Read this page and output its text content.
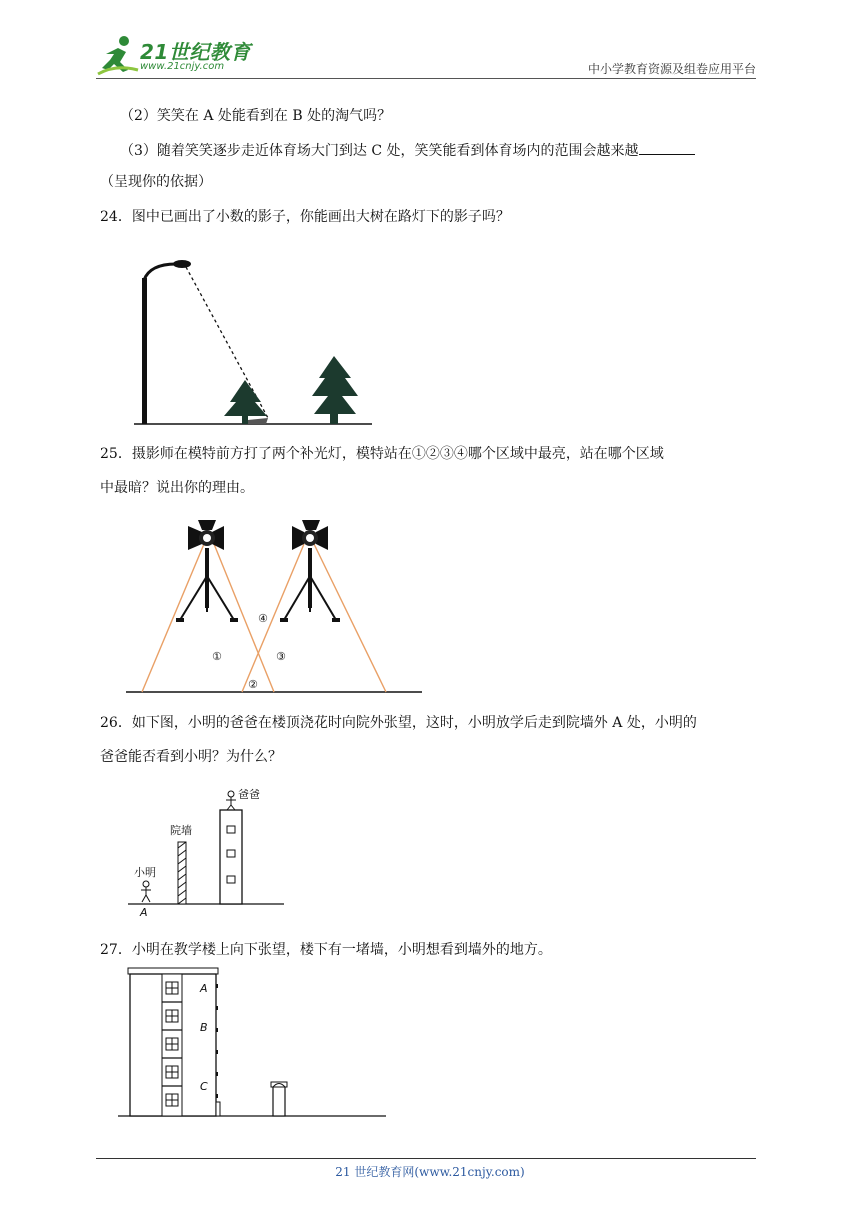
21世纪教育
www.21cnjy.com	中小学教育资源及组卷应用平台
（2）笑笑在 A 处能看到在 B 处的淘气吗？
（3）随着笑笑逐步走近体育场大门到达 C 处，笑笑能看到体育场内的范围会越来越
（呈现你的依据）
24．图中已画出了小数的影子，你能画出大树在路灯下的影子吗？
25．摄影师在模特前方打了两个补光灯，模特站在①②③④哪个区域中最亮，站在哪个区域
中最暗？说出你的理由。
④
①	③
②
26．如下图，小明的爸爸在楼顶浇花时向院外张望，这时，小明放学后走到院墙外 A 处，小明的
爸爸能否看到小明？为什么？
爸爸
院墙
小明
A
27．小明在教学楼上向下张望，楼下有一堵墙，小明想看到墙外的地方。
A
B
C
21 世纪教育网(www.21cnjy.com)
